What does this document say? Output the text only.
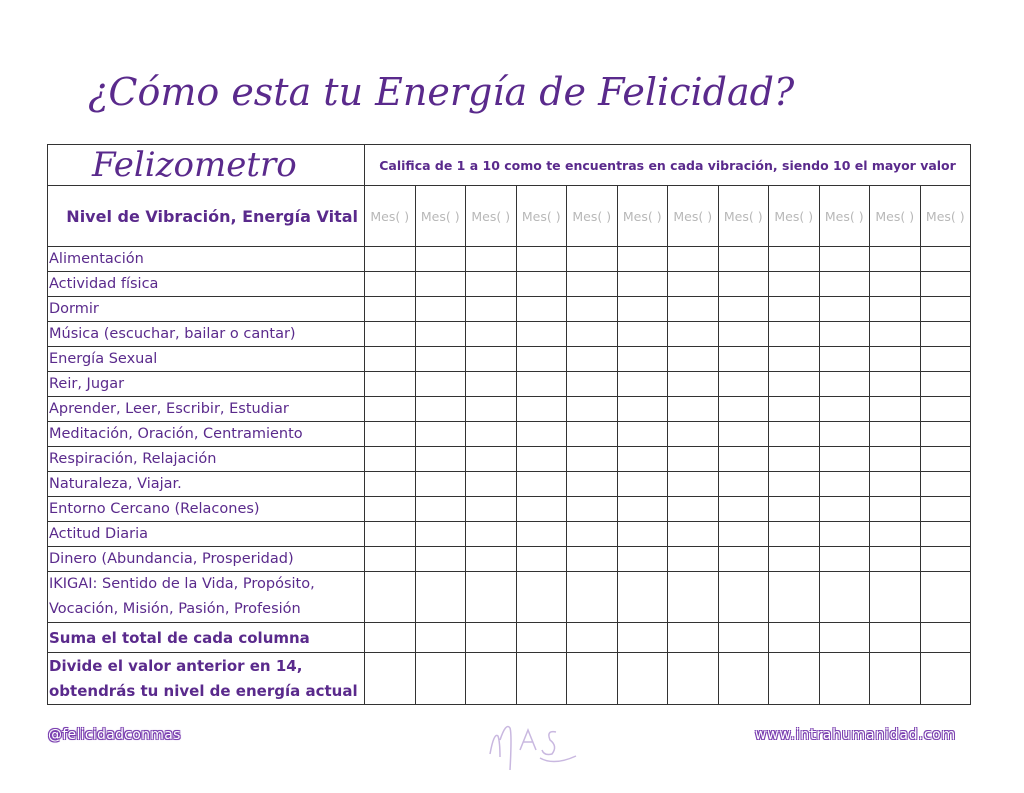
¿Cómo esta tu Energía de Felicidad?
Felizometro	Califica de 1 a 10 como te encuentras en cada vibración, siendo 10 el mayor valor											
Nivel de Vibración, Energía Vital	Mes( )	Mes( )	Mes( )	Mes( )	Mes( )	Mes( )	Mes( )	Mes( )	Mes( )	Mes( )	Mes( )	Mes( )
Alimentación												
Actividad física												
Dormir												
Música (escuchar, bailar o cantar)												
Energía Sexual												
Reir, Jugar												
Aprender, Leer, Escribir, Estudiar												
Meditación, Oración, Centramiento												
Respiración, Relajación												
Naturaleza, Viajar.												
Entorno Cercano (Relacones)												
Actitud Diaria												
Dinero (Abundancia, Prosperidad)												

IKIGAI: Sentido de la Vida, Propósito,
Vocación, Misión, Pasión, Profesión												

Suma el total de cada columna												

Divide el valor anterior en 14,
obtendrás tu nivel de energía actual												

@felicidadconmas	www.intrahumanidad.com
